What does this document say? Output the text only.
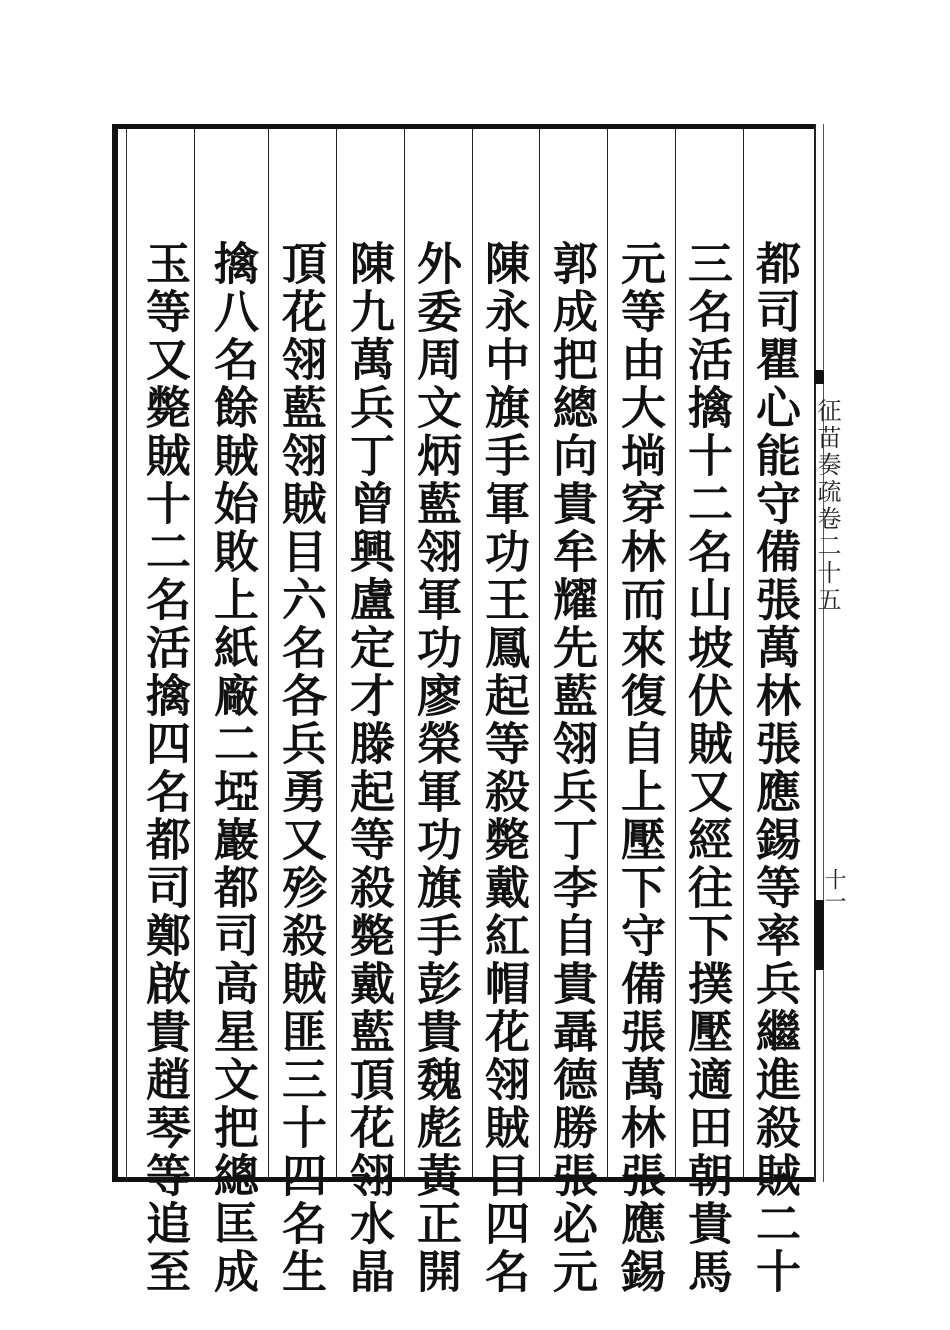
都司瞿心能守備張萬林張應錫等率兵繼進殺賊二十
三名活擒十二名山坡伏賊又經往下撲壓適田朝貴馬
元等由大埫穿林而來復自上壓下守備張萬林張應錫
郭成把總向貴牟耀先藍翎兵丁李自貴聶德勝張必元
陳永中旗手軍功王鳳起等殺斃戴紅帽花翎賊目四名
外委周文炳藍翎軍功廖榮軍功旗手彭貴魏彪黃正開
陳九萬兵丁曾興盧定才滕起等殺斃戴藍頂花翎水晶
頂花翎藍翎賊目六名各兵勇又殄殺賊匪三十四名生
擒八名餘賊始敗上紙廠二埡巖都司高星文把總匡成
玉等又斃賊十二名活擒四名都司鄭啟貴趙琴等追至	征苗奏疏卷二十五
十一
